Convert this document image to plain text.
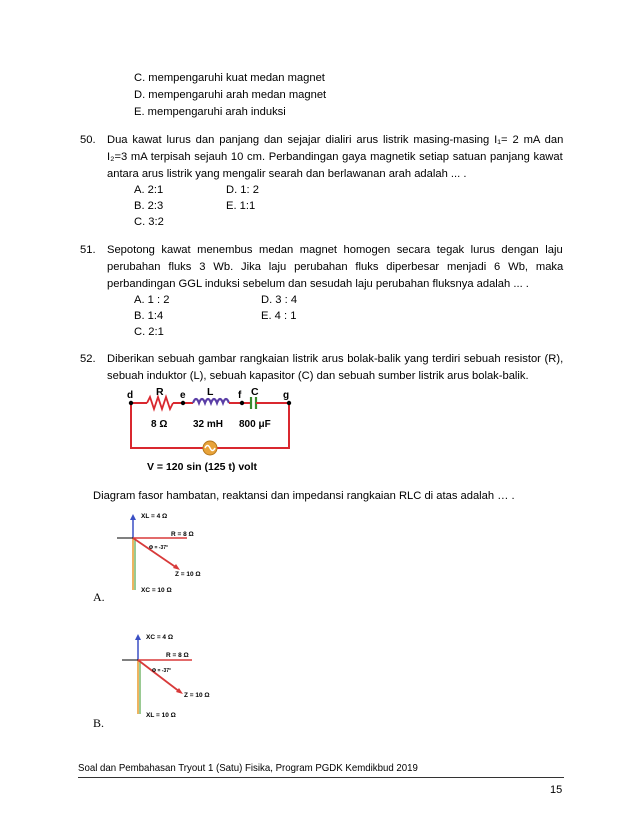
C. mempengaruhi kuat medan magnet
D. mempengaruhi arah medan magnet
E. mempengaruhi arah induksi
50. Dua kawat lurus dan panjang dan sejajar dialiri arus listrik masing-masing I₁= 2 mA dan
I₂=3 mA terpisah sejauh 10 cm. Perbandingan gaya magnetik setiap satuan panjang kawat
antara arus listrik yang mengalir searah dan berlawanan arah adalah ... .
A. 2:1	D. 1: 2
B. 2:3	E. 1:1
C. 3:2
51. Sepotong kawat menembus medan magnet homogen secara tegak lurus dengan laju
perubahan fluks 3 Wb. Jika laju perubahan fluks diperbesar menjadi 6 Wb, maka
perbandingan GGL induksi sebelum dan sesudah laju perubahan fluksnya adalah ... .
A. 1 : 2	D. 3 : 4
B. 1:4	E. 4 : 1
C. 2:1
52. Diberikan sebuah gambar rangkaian listrik arus bolak-balik yang terdiri sebuah resistor (R),
sebuah induktor (L), sebuah kapasitor (C) dan sebuah sumber listrik arus bolak-balik.
d R e L f C g
8 Ω	32 mH 800 μF
V = 120 sin (125 t) volt
Diagram fasor hambatan, reaktansi dan impedansi rangkaian RLC di atas adalah … .
XL = 4 Ω
R = 8 Ω
Φ = -37°
Z = 10 Ω
XC = 10 Ω
A.
XC = 4 Ω
R = 8 Ω
Φ = -37°
Z = 10 Ω
XL = 10 Ω
B.
Soal dan Pembahasan Tryout 1 (Satu) Fisika, Program PGDK Kemdikbud 2019
15
